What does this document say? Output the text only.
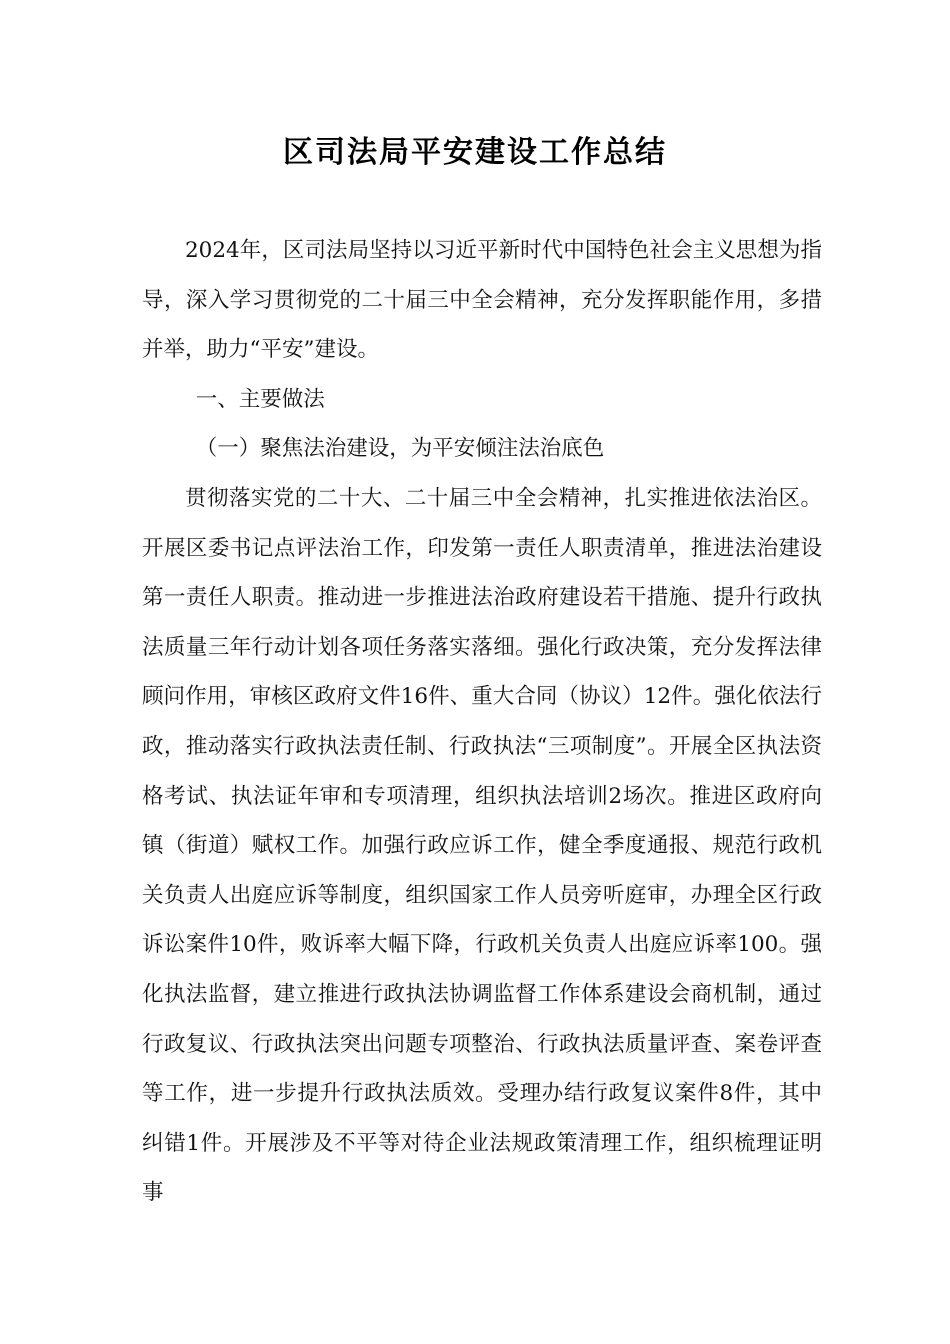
区司法局平安建设工作总结

2024年，区司法局坚持以习近平新时代中国特色社会主义思想为指导，深入学习贯彻党的二十届三中全会精神，充分发挥职能作用，多措并举，助力“平安”建设。

一、主要做法

（一）聚焦法治建设，为平安倾注法治底色

贯彻落实党的二十大、二十届三中全会精神，扎实推进依法治区。开展区委书记点评法治工作，印发第一责任人职责清单，推进法治建设第一责任人职责。推动进一步推进法治政府建设若干措施、提升行政执法质量三年行动计划各项任务落实落细。强化行政决策，充分发挥法律顾问作用，审核区政府文件16件、重大合同（协议）12件。强化依法行政，推动落实行政执法责任制、行政执法“三项制度”。开展全区执法资格考试、执法证年审和专项清理，组织执法培训2场次。推进区政府向镇（街道）赋权工作。加强行政应诉工作，健全季度通报、规范行政机关负责人出庭应诉等制度，组织国家工作人员旁听庭审，办理全区行政诉讼案件10件，败诉率大幅下降，行政机关负责人出庭应诉率100。强化执法监督，建立推进行政执法协调监督工作体系建设会商机制，通过行政复议、行政执法突出问题专项整治、行政执法质量评查、案卷评查等工作，进一步提升行政执法质效。受理办结行政复议案件8件，其中纠错1件。开展涉及不平等对待企业法规政策清理工作，组织梳理证明事
